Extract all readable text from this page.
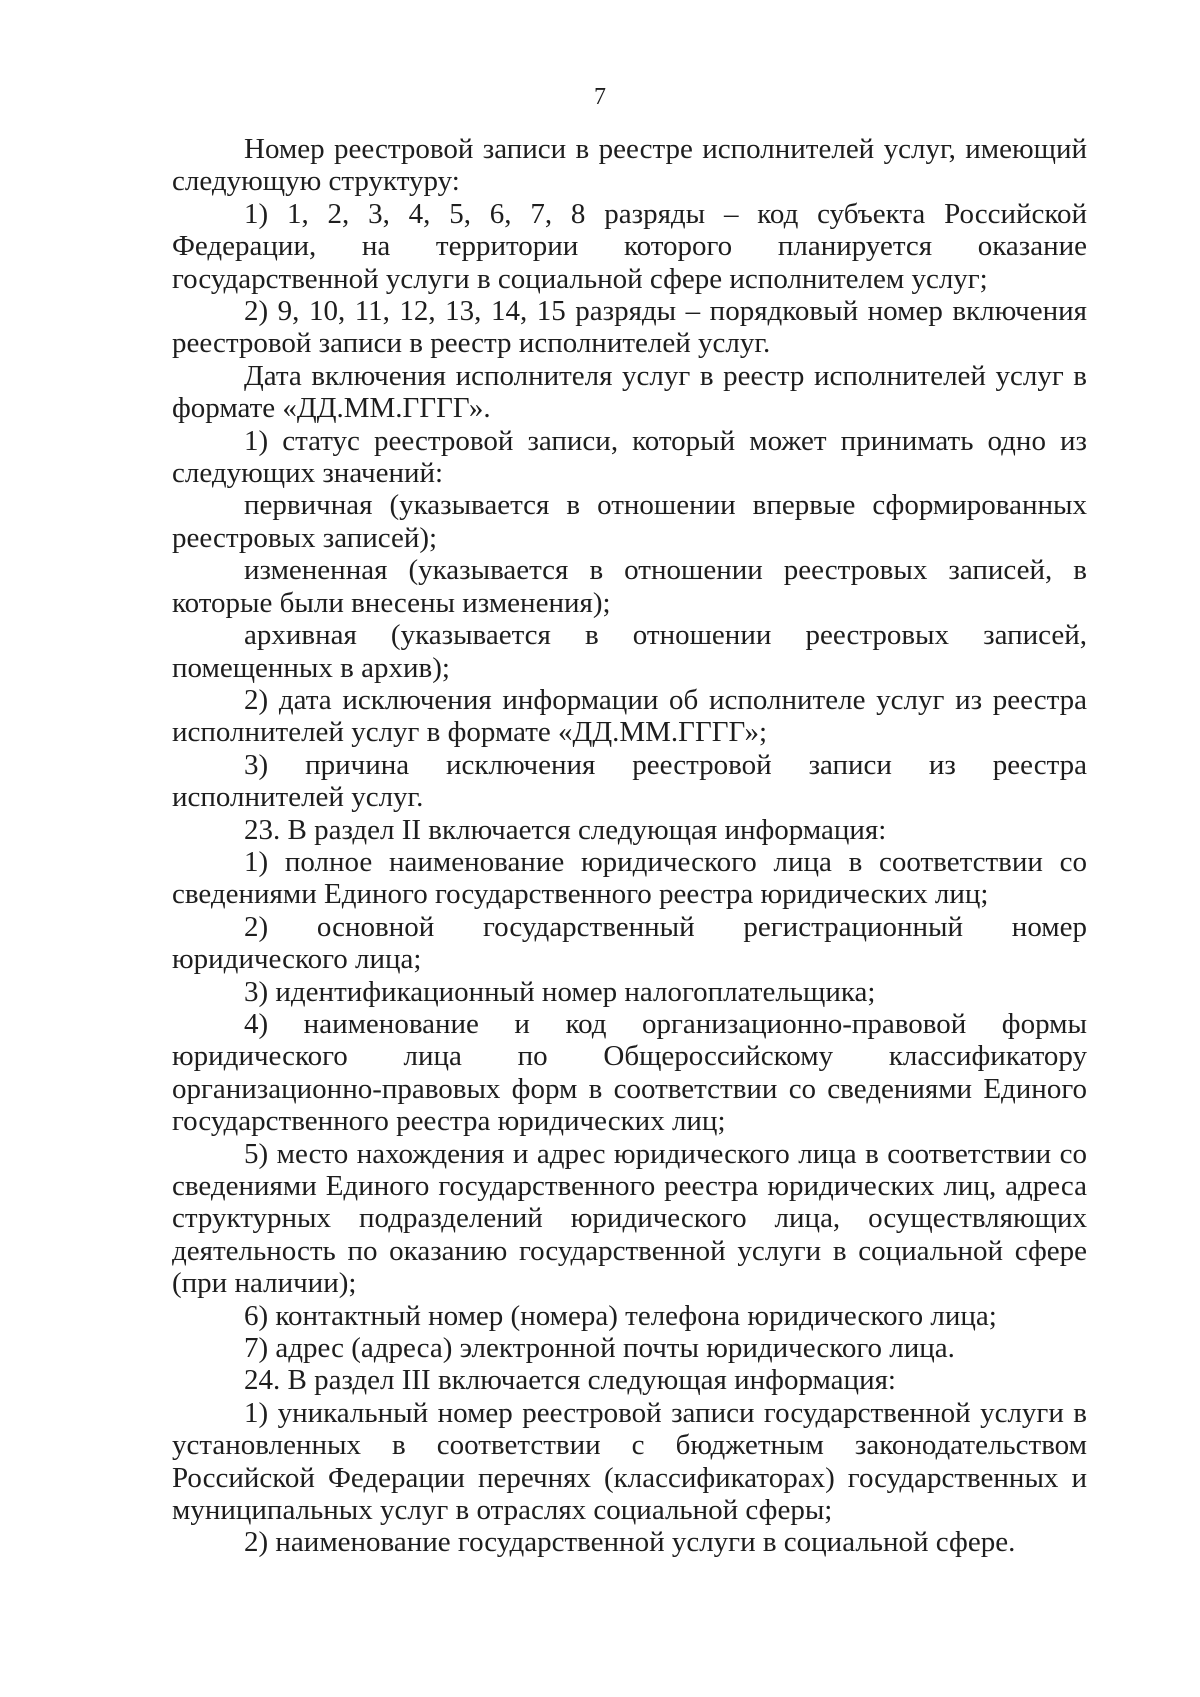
7

Номер реестровой записи в реестре исполнителей услуг, имеющий следующую структуру:

1) 1, 2, 3, 4, 5, 6, 7, 8 разряды – код субъекта Российской Федерации, на территории которого планируется оказание государственной услуги в социальной сфере исполнителем услуг;

2) 9, 10, 11, 12, 13, 14, 15 разряды – порядковый номер включения реестровой записи в реестр исполнителей услуг.

Дата включения исполнителя услуг в реестр исполнителей услуг в формате «ДД.ММ.ГГГГ».

1) статус реестровой записи, который может принимать одно из следующих значений:

первичная (указывается в отношении впервые сформированных реестровых записей);

измененная (указывается в отношении реестровых записей, в которые были внесены изменения);

архивная (указывается в отношении реестровых записей, помещенных в архив);

2) дата исключения информации об исполнителе услуг из реестра исполнителей услуг в формате «ДД.ММ.ГГГГ»;

3) причина исключения реестровой записи из реестра исполнителей услуг.

23. В раздел II включается следующая информация:

1) полное наименование юридического лица в соответствии со сведениями Единого государственного реестра юридических лиц;

2) основной государственный регистрационный номер юридического лица;

3) идентификационный номер налогоплательщика;

4) наименование и код организационно-правовой формы юридического лица по Общероссийскому классификатору организационно-правовых форм в соответствии со сведениями Единого государственного реестра юридических лиц;

5) место нахождения и адрес юридического лица в соответствии со сведениями Единого государственного реестра юридических лиц, адреса структурных подразделений юридического лица, осуществляющих деятельность по оказанию государственной услуги в социальной сфере (при наличии);

6) контактный номер (номера) телефона юридического лица;

7) адрес (адреса) электронной почты юридического лица.

24. В раздел III включается следующая информация:

1) уникальный номер реестровой записи государственной услуги в установленных в соответствии с бюджетным законодательством Российской Федерации перечнях (классификаторах) государственных и муниципальных услуг в отраслях социальной сферы;

2) наименование государственной услуги в социальной сфере.
